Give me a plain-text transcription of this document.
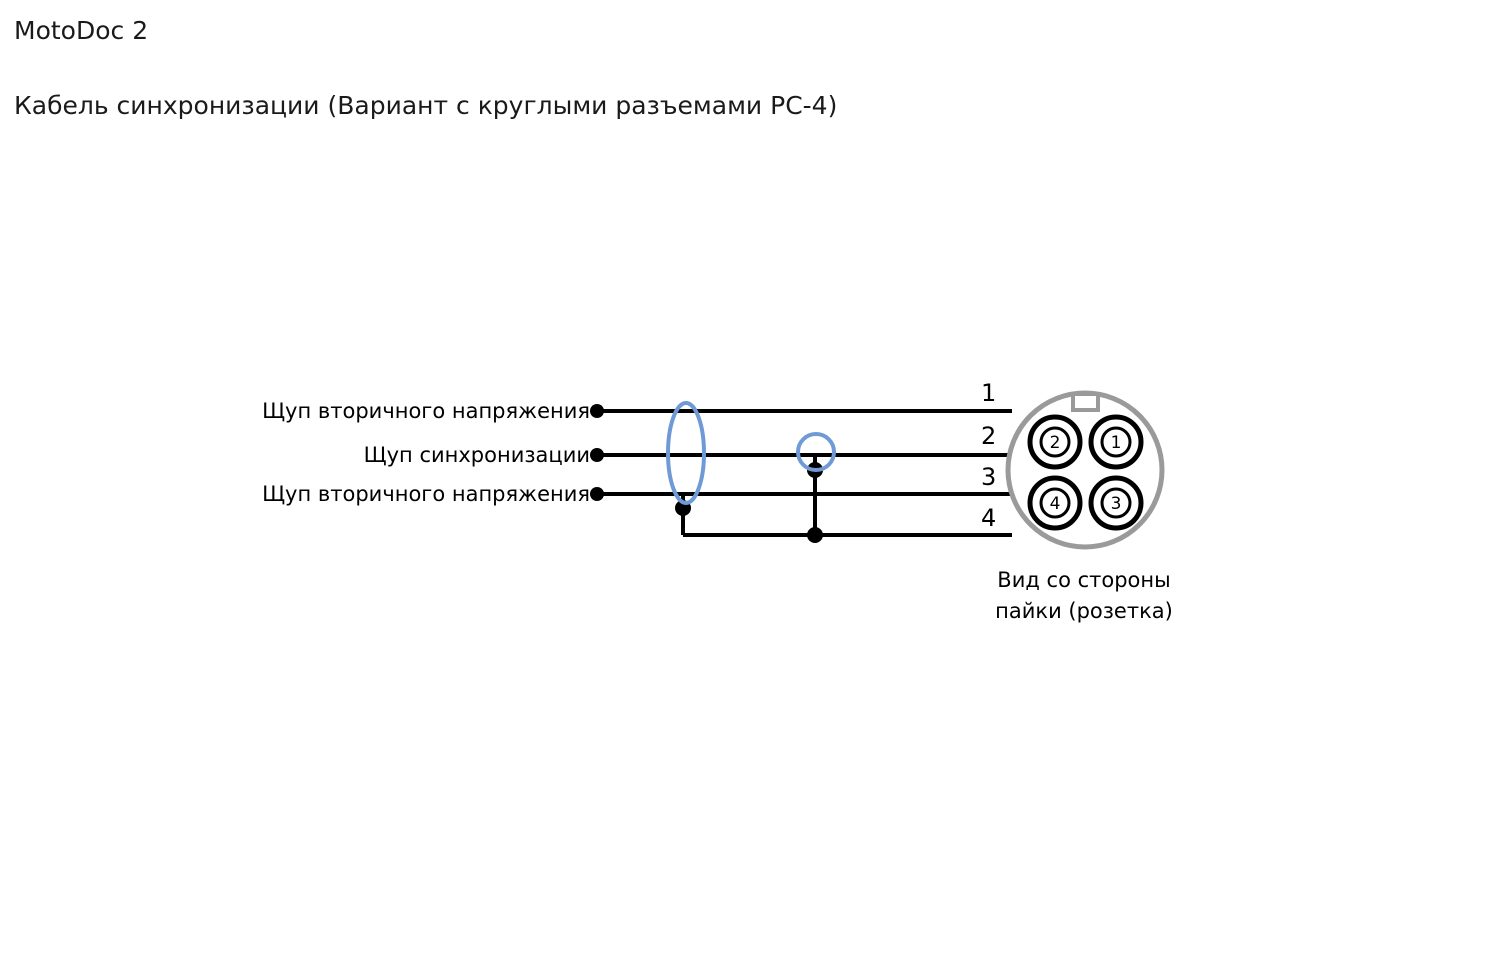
MotoDoc 2
Кабель синхронизации (Вариант с круглыми разъемами РС-4)
Щуп вторичного напряжения
Щуп синхронизации
Щуп вторичного напряжения
1
2
3
4
2	1
4	3
Вид со стороны
пайки (розетка)
